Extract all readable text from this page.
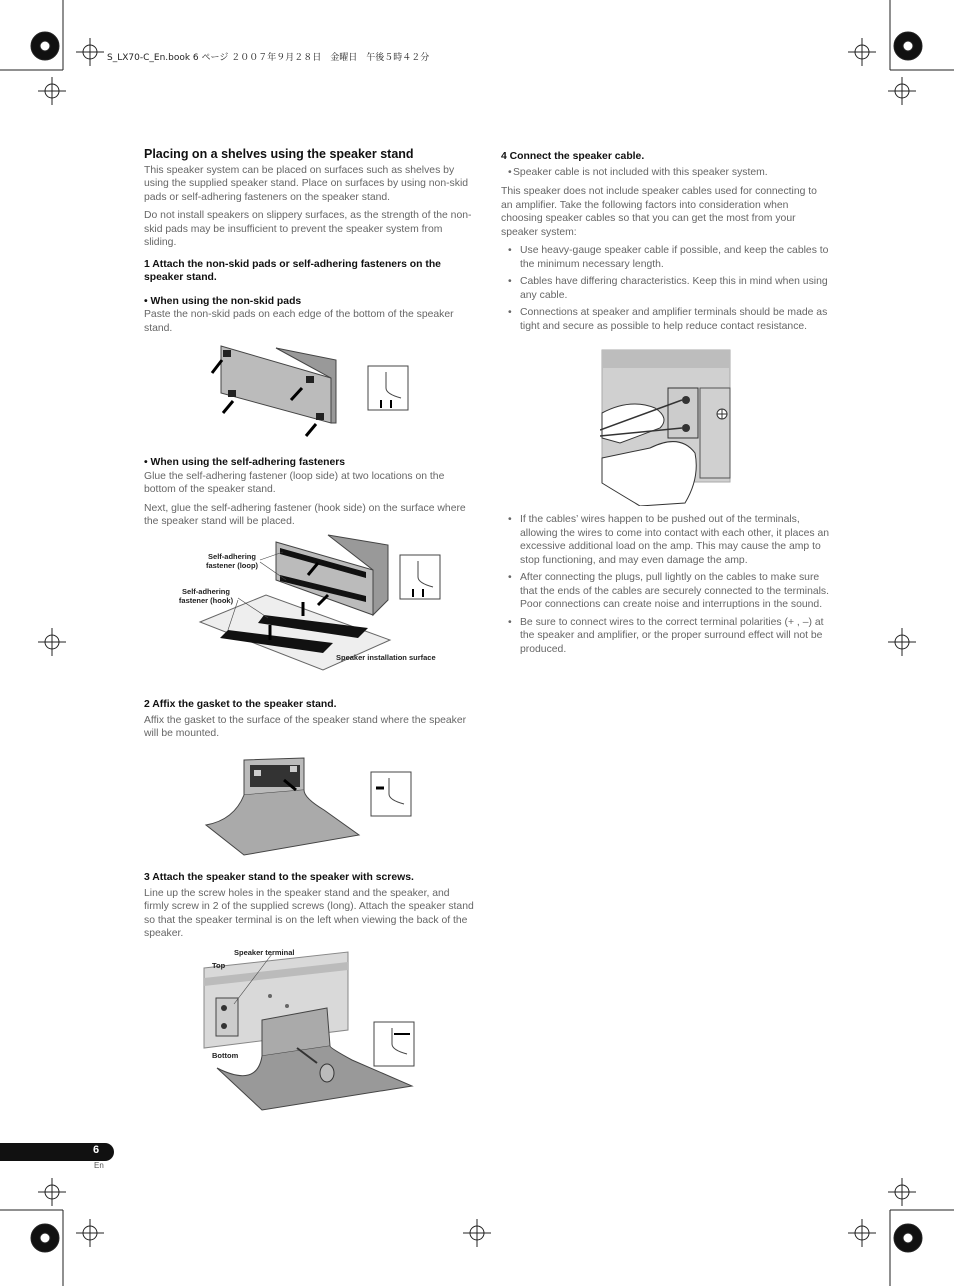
S_LX70-C_En.book 6 ページ ２００７年９月２８日　金曜日　午後５時４２分
Placing on a shelves using the speaker stand

This speaker system can be placed on surfaces such as shelves by using the supplied speaker stand. Place on surfaces by using non-skid pads or self-adhering fasteners on the speaker stand.

Do not install speakers on slippery surfaces, as the strength of the non-skid pads may be insufficient to prevent the speaker system from sliding.

1 Attach the non-skid pads or self-adhering fasteners on the speaker stand.
• When using the non-skid pads

Paste the non-skid pads on each edge of the bottom of the speaker stand.

• When using the self-adhering fasteners

Glue the self-adhering fastener (loop side) at two locations on the bottom of the speaker stand.

Next, glue the self-adhering fastener (hook side) on the surface where the speaker stand will be placed.

Self-adhering fastener (loop)
Self-adhering fastener (hook)
Speaker installation surface
2 Affix the gasket to the speaker stand.

Affix the gasket to the surface of the speaker stand where the speaker will be mounted.

3 Attach the speaker stand to the speaker with screws.

Line up the screw holes in the speaker stand and the speaker, and firmly screw in 2 of the supplied screws (long). Attach the speaker stand so that the speaker terminal is on the left when viewing the back of the speaker.

Speaker terminal
Top
Bottom
4 Connect the speaker cable.
• Speaker cable is not included with this speaker system.

This speaker does not include speaker cables used for connecting to an amplifier. Take the following factors into consideration when choosing speaker cables so that you can get the most from your speaker system:

• Use heavy-gauge speaker cable if possible, and keep the cables to the minimum necessary length.
• Cables have differing characteristics. Keep this in mind when using any cable.
• Connections at speaker and amplifier terminals should be made as tight and secure as possible to help reduce contact resistance.
• If the cables’ wires happen to be pushed out of the terminals, allowing the wires to come into contact with each other, it places an excessive additional load on the amp. This may cause the amp to stop functioning, and may even damage the amp.
• After connecting the plugs, pull lightly on the cables to make sure that the ends of the cables are securely connected to the terminals. Poor connections can create noise and interruptions in the sound.
• Be sure to connect wires to the correct terminal polarities (+ , –) at the speaker and amplifier, or the proper surround effect will not be produced.
6
En
